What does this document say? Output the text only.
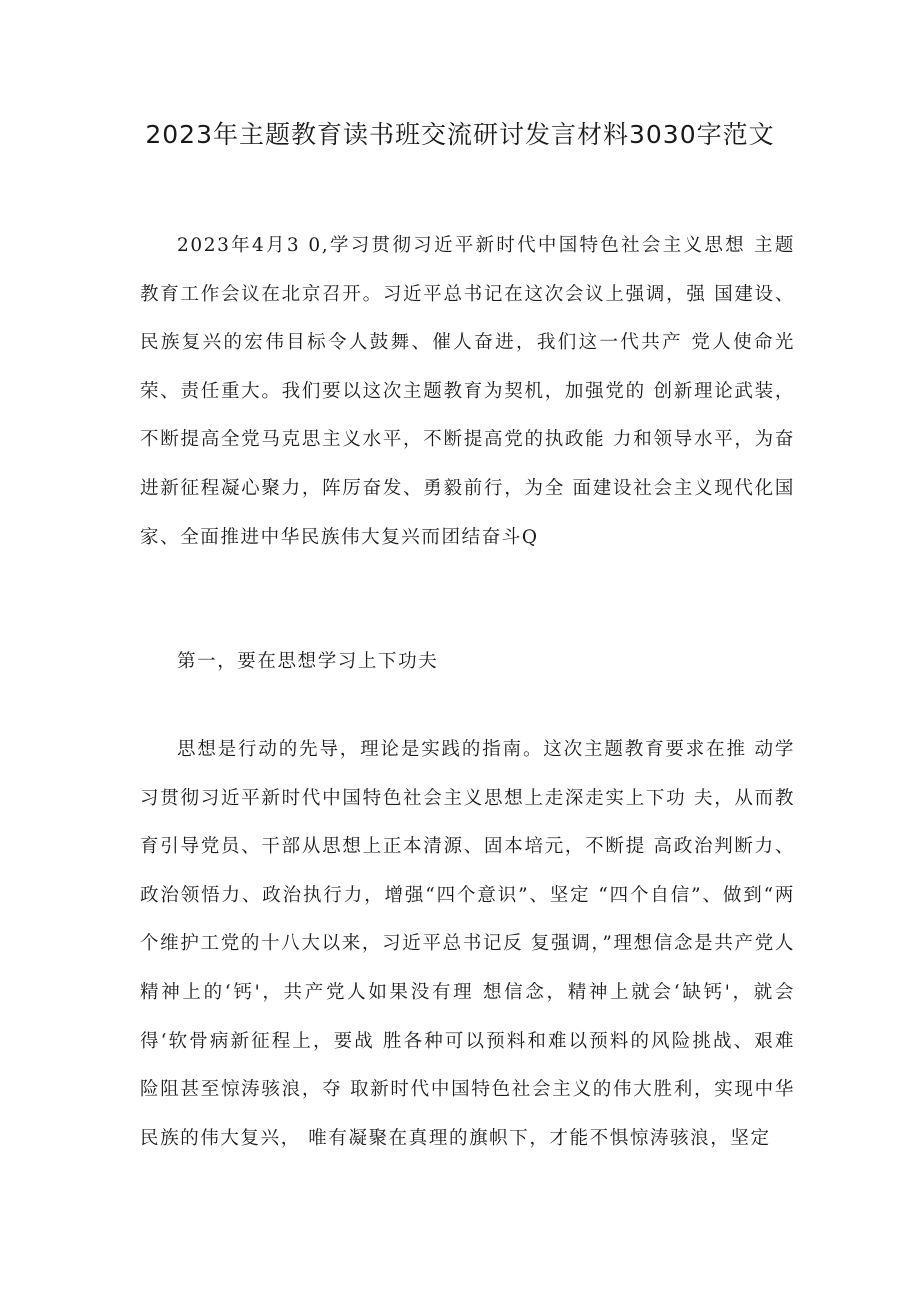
2023年主题教育读书班交流研讨发言材料3030字范文

2023年4月3 0,学习贯彻习近平新时代中国特色社会主义思想 主题教育工作会议在北京召开。习近平总书记在这次会议上强调，强 国建设、民族复兴的宏伟目标令人鼓舞、催人奋进，我们这一代共产 党人使命光荣、责任重大。我们要以这次主题教育为契机，加强党的 创新理论武装，不断提高全党马克思主义水平，不断提高党的执政能 力和领导水平，为奋进新征程凝心聚力，阵厉奋发、勇毅前行，为全 面建设社会主义现代化国家、全面推进中华民族伟大复兴而团结奋斗Q

第一，要在思想学习上下功夫

思想是行动的先导，理论是实践的指南。这次主题教育要求在推 动学习贯彻习近平新时代中国特色社会主义思想上走深走实上下功 夫，从而教育引导党员、干部从思想上正本清源、固本培元，不断提 高政治判断力、政治领悟力、政治执行力，增强“四个意识”、坚定 “四个自信”、做到“两个维护工党的十八大以来，习近平总书记反 复强调，”理想信念是共产党人精神上的‘钙'，共产党人如果没有理 想信念，精神上就会‘缺钙'，就会得‘软骨病新征程上，要战 胜各种可以预料和难以预料的风险挑战、艰难险阻甚至惊涛骇浪，夺 取新时代中国特色社会主义的伟大胜利，实现中华民族的伟大复兴， 唯有凝聚在真理的旗帜下，才能不惧惊涛骇浪，坚定
